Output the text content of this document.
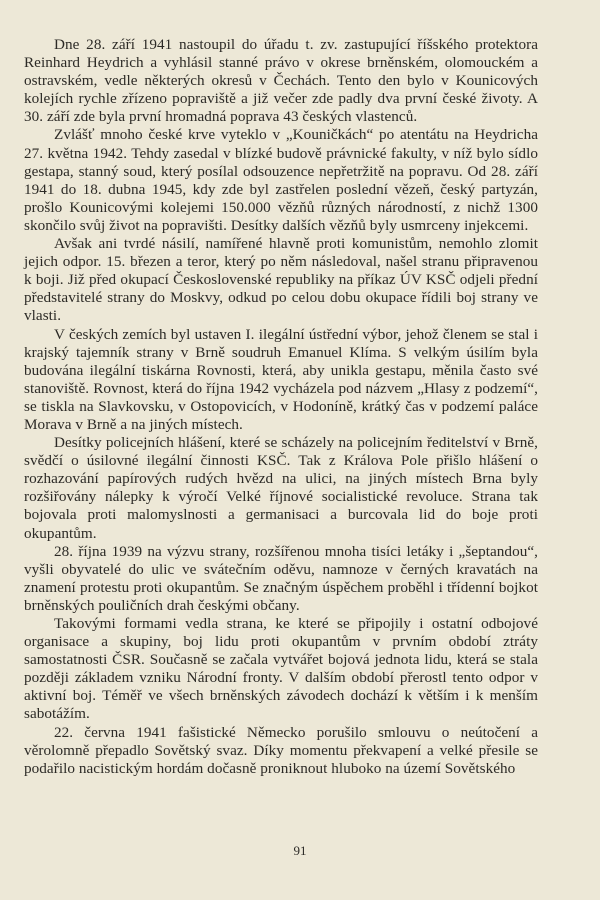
Dne 28. září 1941 nastoupil do úřadu t. zv. zastupující říšského protektora Reinhard Heydrich a vyhlásil stanné právo v okrese brněnském, olomouckém a ostravském, vedle některých okresů v Čechách. Tento den bylo v Kounicových kolejích rychle zřízeno popraviště a již večer zde padly dva první české životy. A 30. září zde byla první hromadná poprava 43 českých vlastenců.

Zvlášť mnoho české krve vyteklo v „Kouničkách“ po atentátu na Heydricha 27. května 1942. Tehdy zasedal v blízké budově právnické fakulty, v níž bylo sídlo gestapa, stanný soud, který posílal odsouzence nepřetržitě na popravu. Od 28. září 1941 do 18. dubna 1945, kdy zde byl zastřelen poslední vězeň, český partyzán, prošlo Kounicovými kolejemi 150.000 vězňů různých národností, z nichž 1300 skončilo svůj život na popravišti. Desítky dalších vězňů byly usmrceny injekcemi.

Avšak ani tvrdé násilí, namířené hlavně proti komunistům, nemohlo zlomit jejich odpor. 15. březen a teror, který po něm následoval, našel stranu připravenou k boji. Již před okupací Československé republiky na příkaz ÚV KSČ odjeli přední představitelé strany do Moskvy, odkud po celou dobu okupace řídili boj strany ve vlasti.

V českých zemích byl ustaven I. ilegální ústřední výbor, jehož členem se stal i krajský tajemník strany v Brně soudruh Emanuel Klíma. S velkým úsilím byla budována ilegální tiskárna Rovnosti, která, aby unikla gestapu, měnila často své stanoviště. Rovnost, která do října 1942 vycházela pod názvem „Hlasy z podzemí“, se tiskla na Slavkovsku, v Ostopovicích, v Hodoníně, krátký čas v podzemí paláce Morava v Brně a na jiných místech.

Desítky policejních hlášení, které se scházely na policejním ředitelství v Brně, svědčí o úsilovné ilegální činnosti KSČ. Tak z Králova Pole přišlo hlášení o rozhazování papírových rudých hvězd na ulici, na jiných místech Brna byly rozšiřovány nálepky k výročí Velké říjnové socialistické revoluce. Strana tak bojovala proti malomyslnosti a germanisaci a burcovala lid do boje proti okupantům.

28. října 1939 na výzvu strany, rozšířenou mnoha tisíci letáky i „šeptandou“, vyšli obyvatelé do ulic ve svátečním oděvu, namnoze v černých kravatách na znamení protestu proti okupantům. Se značným úspěchem proběhl i třídenní bojkot brněnských pouličních drah českými občany.

Takovými formami vedla strana, ke které se připojily i ostatní odbojové organisace a skupiny, boj lidu proti okupantům v prvním období ztráty samostatnosti ČSR. Současně se začala vytvářet bojová jednota lidu, která se stala později základem vzniku Národní fronty. V dalším období přerostl tento odpor v aktivní boj. Téměř ve všech brněnských závodech dochází k větším i k menším sabotážím.

22. června 1941 fašistické Německo porušilo smlouvu o neútočení a věrolomně přepadlo Sovětský svaz. Díky momentu překvapení a velké přesile se podařilo nacistickým hordám dočasně proniknout hluboko na území Sovětského

91
